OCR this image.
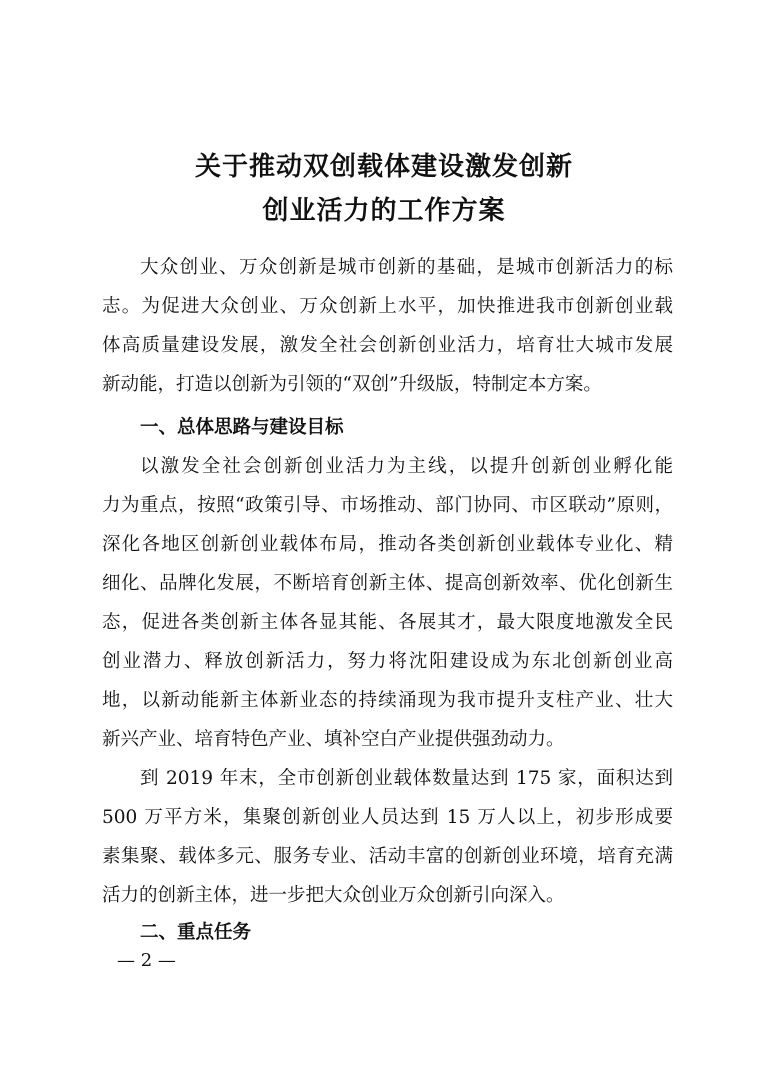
关于推动双创载体建设激发创新
创业活力的工作方案
大众创业、万众创新是城市创新的基础，是城市创新活力的标
志。为促进大众创业、万众创新上水平，加快推进我市创新创业载
体高质量建设发展，激发全社会创新创业活力，培育壮大城市发展
新动能，打造以创新为引领的“双创”升级版，特制定本方案。
一、总体思路与建设目标
以激发全社会创新创业活力为主线，以提升创新创业孵化能
力为重点，按照“政策引导、市场推动、部门协同、市区联动”原则，
深化各地区创新创业载体布局，推动各类创新创业载体专业化、精
细化、品牌化发展，不断培育创新主体、提高创新效率、优化创新生
态，促进各类创新主体各显其能、各展其才，最大限度地激发全民
创业潜力、释放创新活力，努力将沈阳建设成为东北创新创业高
地，以新动能新主体新业态的持续涌现为我市提升支柱产业、壮大
新兴产业、培育特色产业、填补空白产业提供强劲动力。
到 2019 年末，全市创新创业载体数量达到 175 家，面积达到
500 万平方米，集聚创新创业人员达到 15 万人以上，初步形成要
素集聚、载体多元、服务专业、活动丰富的创新创业环境，培育充满
活力的创新主体，进一步把大众创业万众创新引向深入。
二、重点任务
— 2 —
